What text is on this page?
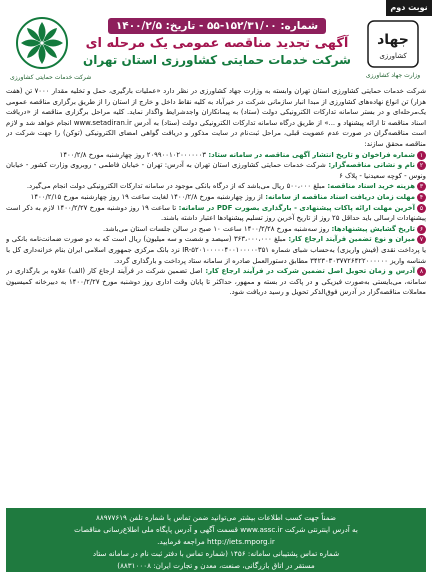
نوبت دوم
شرکت خدمات حمایتی کشاورزی
شماره: ۱۵۲/۳۱/۰۰-۵۵ - تاریخ: ۱۴۰۰/۲/۵
آگهی تجدید مناقصه عمومی یک مرحله ای
شرکت خدمات حمایتی کشاورزی استان تهران
جهاد
کشاورزی
وزارت جهاد کشاورزی

شرکت خدمات حمایتی کشاورزی استان تهران وابسته به وزارت جهاد کشاورزی در نظر دارد «عملیات بارگیری، حمل و تخلیه مقدار ۷۰۰۰ تن (هفت هزار) تن انواع نهاده‌های کشاورزی از مبدا انبار سازمانی شرکت در خیرآباد به کلیه نقاط داخل و خارج از استان را از طریق برگزاری مناقصه عمومی یک‌مرحله‌ای و در بستر سامانه تدارکات الکترونیکی دولت (ستاد) به پیمانکاران واجدشرایط واگذار نماید. کلیه مراحل برگزاری مناقصه از «دریافت اسناد مناقصه تا ارائه پیشنهاد و ...» از طریق درگاه سامانه تدارکات الکترونیکی دولت (ستاد) به آدرس www.setadiran.ir انجام خواهد شد و لازم است مناقصه‌گران در صورت عدم عضویت قبلی، مراحل ثبت‌نام در سایت مذکور و دریافت گواهی امضای الکترونیکی (توکن) را جهت شرکت در مناقصه محقق سازند:

۱شماره فراخوان و تاریخ انتشار آگهی مناقصه در سامانه ستاد: ۲۰۹۹۰۰۱۰۲۰۰۰۰۰۰۳ روز چهارشنبه مورخ ۱۴۰۰/۲/۸

۲نام و نشانی مناقصه‌گزار: شرکت خدمات حمایتی کشاورزی استان تهران به آدرس: تهران - خیابان فاطمی - روبروی وزارت کشور - خیابان ونوس - کوچه سعیدنیا - پلاک ۶

۳هزینه خرید اسناد مناقصه: مبلغ ۵۰۰،۰۰۰ ریال می‌باشد که از درگاه بانکی موجود در سامانه تدارکات الکترونیکی دولت انجام می‌گیرد.

۴مهلت زمان دریافت اسناد مناقصه از سامانه: از روز چهارشنبه مورخ ۱۴۰۰/۲/۸ لغایت ساعت ۱۹ روز چهارشنبه مورخ ۱۴۰۰/۲/۱۵

۵آخرین مهلت ارائه پاکات پیشنهادی - بارگذاری بصورت PDF در سامانه: تا ساعت ۱۹ روز دوشنبه مورخ ۱۴۰۰/۲/۲۷ لازم به ذکر است پیشنهادات ارسالی باید حداقل ۲۵ روز از تاریخ آخرین روز تسلیم پیشنهادها اعتبار داشته باشند.

۶تاریخ گشایش پیشنهادها: روز سه‌شنبه مورخ ۱۴۰۰/۲/۲۸ ساعت ۱۰ صبح در سالن جلسات استان می‌باشد.

۷میزان و نوع تضمین فرآیند ارجاع کار: مبلغ ۳۶۳،۰۰۰،۰۰۰ (سیصد و شصت و سه میلیون) ریال است که به دو صورت ضمانت‌نامه بانکی و یا پرداخت نقدی (فیش واریزی) به‌حساب شبای شماره IR-۵۲۰۱۰۰۰۰۰۴۰۰۱۰۰۰۰۰۳۵۱ نزد بانک مرکزی جمهوری اسلامی ایران بنام خزانه‌داری کل با شناسه واریز ۳۴۲۳۰۳۰۳۷۷۲۶۴۲۲۰۰۰۰۰۰ مطابق دستورالعمل صادره از سامانه ستاد پرداخت و بارگذاری گردد.

۸آدرس و زمان تحویل اصل تضمین شرکت در فرآیند ارجاع کار: اصل تضمین شرکت در فرآیند ارجاع کار (الف) علاوه بر بارگذاری در سامانه، می‌بایستی به‌صورت فیزیکی و در پاکت در بسته و ممهور، حداکثر تا پایان وقت اداری روز دوشنبه مورخ ۱۴۰۰/۲/۲۷ به دبیرخانه کمیسیون معاملات مناقصه‌گزار در آدرس فوق‌الذکر تحویل و رسید دریافت شود.

ضمناً جهت کسب اطلاعات بیشتر می‌توانید ضمن تماس با شماره تلفن ۸۸۹۷۷۶۱۹
به آدرس اینترنتی شرکت www.assc.ir قسمت آگهی و آدرس پایگاه ملی اطلاع‌رسانی مناقصات
http://iets.mporg.ir مراجعه فرمایید.
شماره تماس پشتیبانی سامانه: ۱۴۵۶ (شماره تماس با دفتر ثبت نام در سامانه ستاد
مستقر در اتاق بازرگانی، صنعت، معدن و تجارت ایران: ۸۸۳۱۰۰۰۸)
